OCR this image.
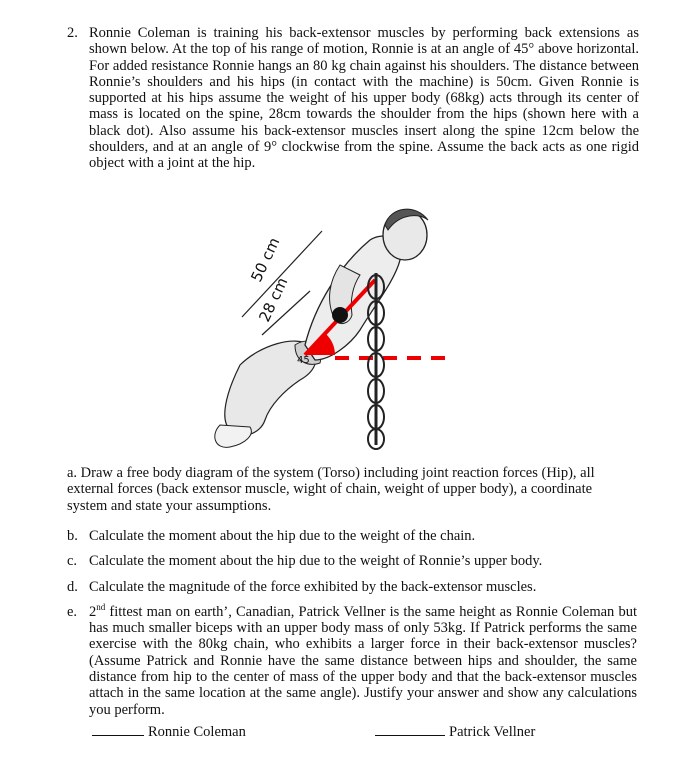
2. Ronnie Coleman is training his back-extensor muscles by performing back extensions as shown below. At the top of his range of motion, Ronnie is at an angle of 45° above horizontal. For added resistance Ronnie hangs an 80 kg chain against his shoulders. The distance between Ronnie’s shoulders and his hips (in contact with the machine) is 50cm. Given Ronnie is supported at his hips assume the weight of his upper body (68kg) acts through its center of mass is located on the spine, 28cm towards the shoulder from the hips (shown here with a black dot). Also assume his back-extensor muscles insert along the spine 12cm below the shoulders, and at an angle of 9° clockwise from the spine. Assume the back acts as one rigid object with a joint at the hip.
50 cm
28 cm
45
a. Draw a free body diagram of the system (Torso) including joint reaction forces (Hip), all external forces (back extensor muscle, wight of chain, weight of upper body), a coordinate system and state your assumptions.
b. Calculate the moment about the hip due to the weight of the chain.
c. Calculate the moment about the hip due to the weight of Ronnie’s upper body.
d. Calculate the magnitude of the force exhibited by the back-extensor muscles.
e. 2nd fittest man on earth’, Canadian, Patrick Vellner is the same height as Ronnie Coleman but has much smaller biceps with an upper body mass of only 53kg. If Patrick performs the same exercise with the 80kg chain, who exhibits a larger force in their back-extensor muscles? (Assume Patrick and Ronnie have the same distance between hips and shoulder, the same distance from hip to the center of mass of the upper body and that the back-extensor muscles attach in the same location at the same angle). Justify your answer and show any calculations you perform.
Ronnie Coleman	Patrick Vellner
